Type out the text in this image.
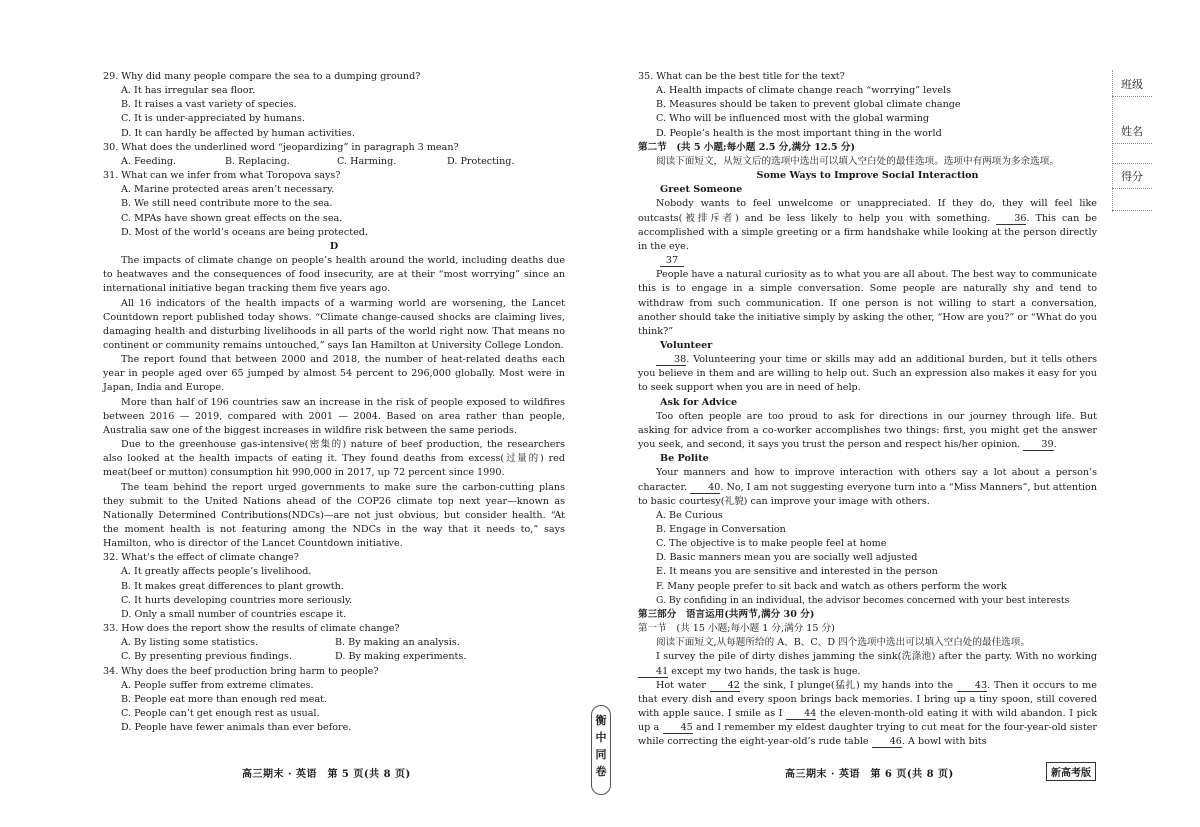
29. Why did many people compare the sea to a dumping ground?

A. It has irregular sea floor.

B. It raises a vast variety of species.

C. It is under-appreciated by humans.

D. It can hardly be affected by human activities.

30. What does the underlined word “jeopardizing” in paragraph 3 mean?

A. Feeding.	B. Replacing.	C. Harming.	D. Protecting.

31. What can we infer from what Toropova says?

A. Marine protected areas aren’t necessary.

B. We still need contribute more to the sea.

C. MPAs have shown great effects on the sea.

D. Most of the world’s oceans are being protected.

D

The impacts of climate change on people’s health around the world, including deaths due to heatwaves and the consequences of food insecurity, are at their “most worrying” since an international initiative began tracking them five years ago.

All 16 indicators of the health impacts of a warming world are worsening, the Lancet Countdown report published today shows. “Climate change-caused shocks are claiming lives, damaging health and disturbing livelihoods in all parts of the world right now. That means no continent or community remains untouched,” says Ian Hamilton at University College London.

The report found that between 2000 and 2018, the number of heat-related deaths each year in people aged over 65 jumped by almost 54 percent to 296,000 globally. Most were in Japan, India and Europe.

More than half of 196 countries saw an increase in the risk of people exposed to wildfires between 2016 — 2019, compared with 2001 — 2004. Based on area rather than people, Australia saw one of the biggest increases in wildfire risk between the same periods.

Due to the greenhouse gas-intensive(密集的) nature of beef production, the researchers also looked at the health impacts of eating it. They found deaths from excess(过量的) red meat(beef or mutton) consumption hit 990,000 in 2017, up 72 percent since 1990.

The team behind the report urged governments to make sure the carbon-cutting plans they submit to the United Nations ahead of the COP26 climate top next year—known as Nationally Determined Contributions(NDCs)—are not just obvious, but consider health. “At the moment health is not featuring among the NDCs in the way that it needs to,” says Hamilton, who is director of the Lancet Countdown initiative.

32. What’s the effect of climate change?

A. It greatly affects people’s livelihood.

B. It makes great differences to plant growth.

C. It hurts developing countries more seriously.

D. Only a small number of countries escape it.

33. How does the report show the results of climate change?

A. By listing some statistics.	B. By making an analysis.
C. By presenting previous findings.	D. By making experiments.

34. Why does the beef production bring harm to people?

A. People suffer from extreme climates.

B. People eat more than enough red meat.

C. People can’t get enough rest as usual.

D. People have fewer animals than ever before.

高三期末 · 英语　第 5 页(共 8 页)
衡
中
同
卷

35. What can be the best title for the text?

A. Health impacts of climate change reach “worrying” levels

B. Measures should be taken to prevent global climate change

C. Who will be influenced most with the global warming

D. People’s health is the most important thing in the world

第二节　(共 5 小题;每小题 2.5 分,满分 12.5 分)

阅读下面短文，从短文后的选项中选出可以填入空白处的最佳选项。选项中有两项为多余选项。

Some Ways to Improve Social Interaction

Greet Someone

Nobody wants to feel unwelcome or unappreciated. If they do, they will feel like outcasts(被排斥者) and be less likely to help you with something. 36. This can be accomplished with a simple greeting or a firm handshake while looking at the person directly in the eye.

37

People have a natural curiosity as to what you are all about. The best way to communicate this is to engage in a simple conversation. Some people are naturally shy and tend to withdraw from such communication. If one person is not willing to start a conversation, another should take the initiative simply by asking the other, “How are you?” or “What do you think?”

Volunteer

38. Volunteering your time or skills may add an additional burden, but it tells others you believe in them and are willing to help out. Such an expression also makes it easy for you to seek support when you are in need of help.

Ask for Advice

Too often people are too proud to ask for directions in our journey through life. But asking for advice from a co-worker accomplishes two things: first, you might get the answer you seek, and second, it says you trust the person and respect his/her opinion. 39.

Be Polite

Your manners and how to improve interaction with others say a lot about a person’s character. 40. No, I am not suggesting everyone turn into a “Miss Manners”, but attention to basic courtesy(礼貌) can improve your image with others.

A. Be Curious

B. Engage in Conversation

C. The objective is to make people feel at home

D. Basic manners mean you are socially well adjusted

E. It means you are sensitive and interested in the person

F. Many people prefer to sit back and watch as others perform the work

G. By confiding in an individual, the advisor becomes concerned with your best interests

第三部分　语言运用(共两节,满分 30 分)

第一节　(共 15 小题;每小题 1 分,满分 15 分)

阅读下面短文,从每题所给的 A、B、C、D 四个选项中选出可以填入空白处的最佳选项。

I survey the pile of dirty dishes jamming the sink(洗涤池) after the party. With no working 41 except my two hands, the task is huge.

Hot water 42 the sink, I plunge(猛扎) my hands into the 43. Then it occurs to me that every dish and every spoon brings back memories. I bring up a tiny spoon, still covered with apple sauce. I smile as I 44 the eleven-month-old eating it with wild abandon. I pick up a 45 and I remember my eldest daughter trying to cut meat for the four-year-old sister while correcting the eight-year-old’s rude table 46. A bowl with bits

高三期末 · 英语　第 6 页(共 8 页)	新高考版
班级
姓名
得分
